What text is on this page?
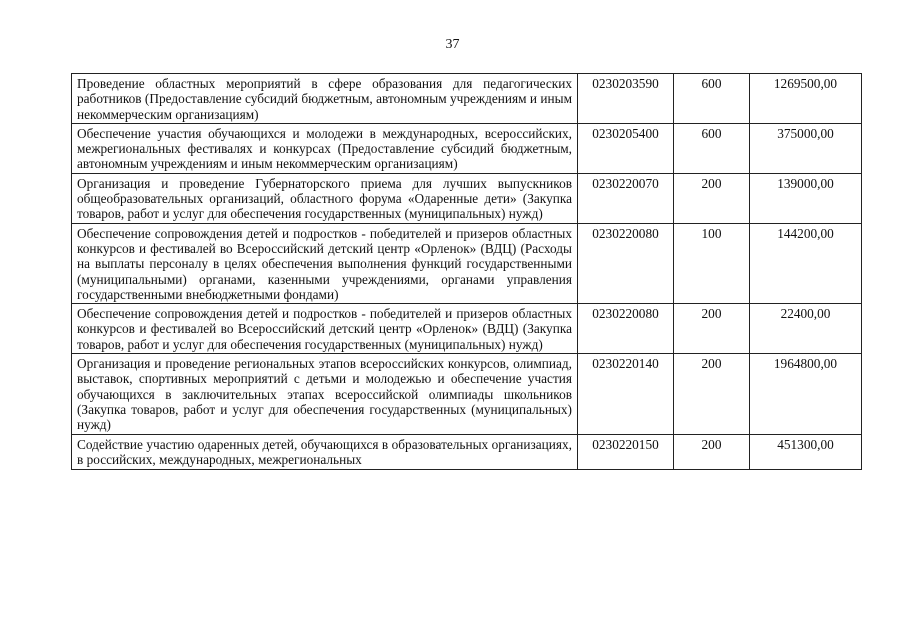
37
Проведение областных мероприятий в сфере образования для педагогических работников (Предоставление субсидий бюджетным, автономным учреждениям и иным некоммерческим организациям)	0230203590	600	1269500,00
Обеспечение участия обучающихся и молодежи в международных, всероссийских, межрегиональных фестивалях и конкурсах (Предоставление субсидий бюджетным, автономным учреждениям и иным некоммерческим организациям)	0230205400	600	375000,00
Организация и проведение Губернаторского приема для лучших выпускников общеобразовательных организаций, областного форума «Одаренные дети» (Закупка товаров, работ и услуг для обеспечения государственных (муниципальных) нужд)	0230220070	200	139000,00
Обеспечение сопровождения детей и подростков - победителей и призеров областных конкурсов и фестивалей во Всероссийский детский центр «Орленок» (ВДЦ) (Расходы на выплаты персоналу в целях обеспечения выполнения функций государственными (муниципальными) органами, казенными учреждениями, органами управления государственными внебюджетными фондами)	0230220080	100	144200,00
Обеспечение сопровождения детей и подростков - победителей и призеров областных конкурсов и фестивалей во Всероссийский детский центр «Орленок» (ВДЦ) (Закупка товаров, работ и услуг для обеспечения государственных (муниципальных) нужд)	0230220080	200	22400,00
Организация и проведение региональных этапов всероссийских конкурсов, олимпиад, выставок, спортивных мероприятий с детьми и молодежью и обеспечение участия обучающихся в заключительных этапах всероссийской олимпиады школьников (Закупка товаров, работ и услуг для обеспечения государственных (муниципальных) нужд)	0230220140	200	1964800,00
Содействие участию одаренных детей, обучающихся в образовательных организациях, в российских, международных, межрегиональных	0230220150	200	451300,00
